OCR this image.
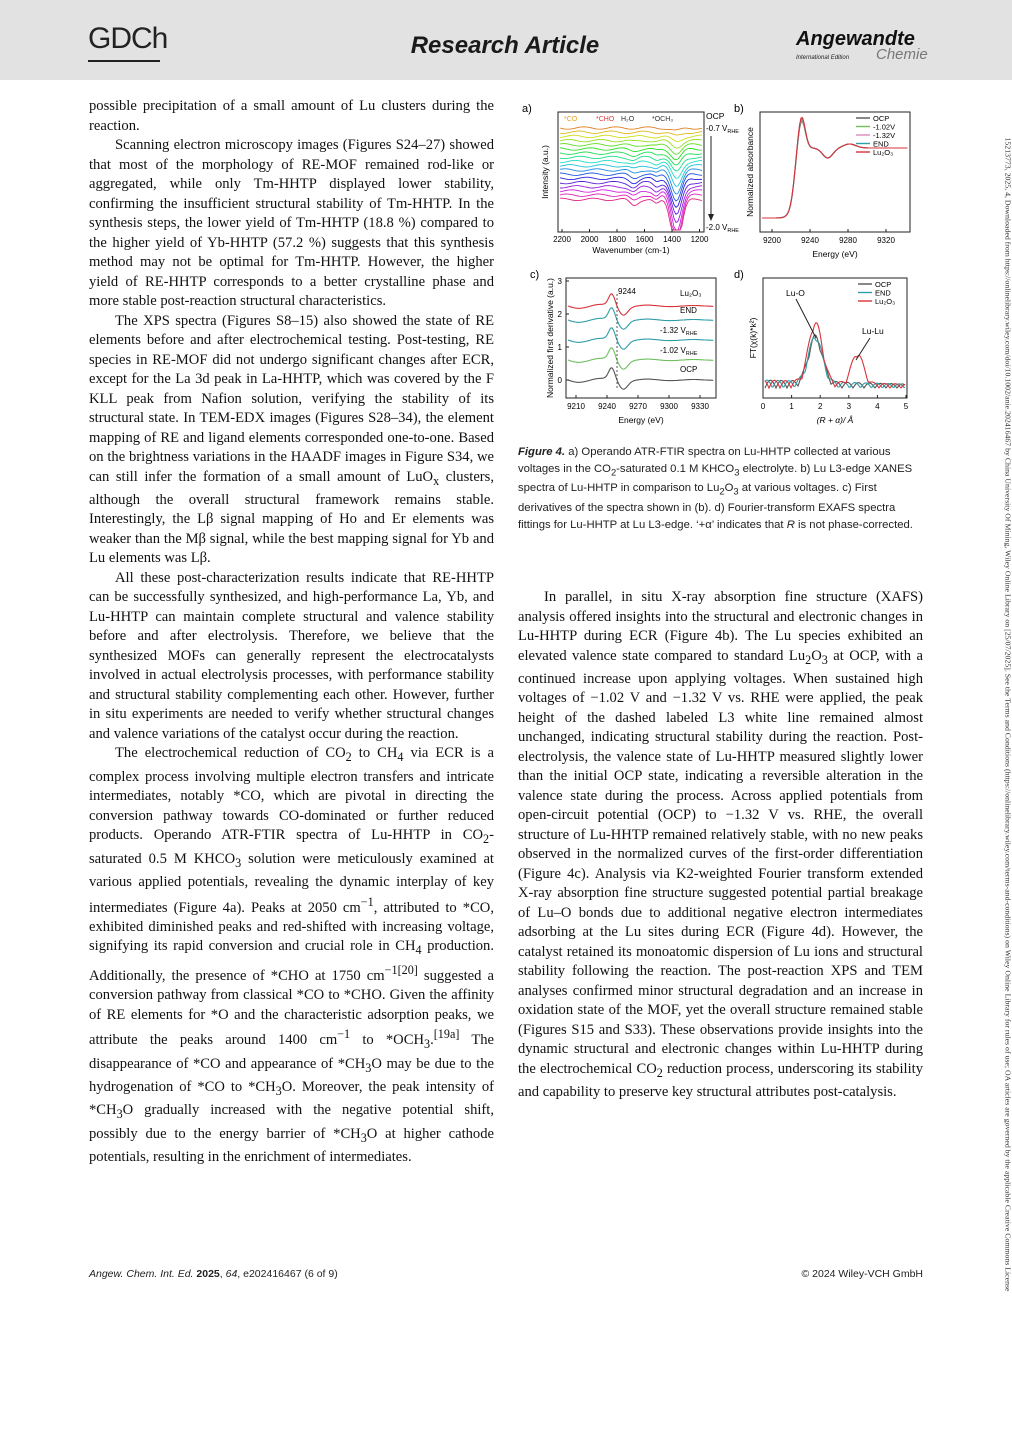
GDCh	Research Article	Angewandte
International Edition Chemie
15213773, 2025, 4, Downloaded from https://onlinelibrary.wiley.com/doi/10.1002/anie.202416467 by China University Of Mining, Wiley Online Library on [25/07/2025]. See the Terms and Conditions (https://onlinelibrary.wiley.com/terms-and-conditions) on Wiley Online Library for rules of use; OA articles are governed by the applicable Creative Commons License

possible precipitation of a small amount of Lu clusters during the reaction.

Scanning electron microscopy images (Figures S24–27) showed that most of the morphology of RE-MOF remained rod-like or aggregated, while only Tm-HHTP displayed lower stability, confirming the insufficient structural stability of Tm-HHTP. In the synthesis steps, the lower yield of Tm-HHTP (18.8 %) compared to the higher yield of Yb-HHTP (57.2 %) suggests that this synthesis method may not be optimal for Tm-HHTP. However, the higher yield of RE-HHTP corresponds to a better crystalline phase and more stable post-reaction structural characteristics.

The XPS spectra (Figures S8–15) also showed the state of RE elements before and after electrochemical testing. Post-testing, RE species in RE-MOF did not undergo significant changes after ECR, except for the La 3d peak in La-HHTP, which was covered by the F KLL peak from Nafion solution, verifying the stability of its structural state. In TEM-EDX images (Figures S28–34), the element mapping of RE and ligand elements corresponded one-to-one. Based on the brightness variations in the HAADF images in Figure S34, we can still infer the formation of a small amount of LuO$_x$ clusters, although the overall structural framework remains stable. Interestingly, the Lβ signal mapping of Ho and Er elements was weaker than the Mβ signal, while the best mapping signal for Yb and Lu elements was Lβ.

All these post-characterization results indicate that RE-HHTP can be successfully synthesized, and high-performance La, Yb, and Lu-HHTP can maintain complete structural and valence stability before and after electrolysis. Therefore, we believe that the synthesized MOFs can generally represent the electrocatalysts involved in actual electrolysis processes, with performance stability and structural stability complementing each other. However, further in situ experiments are needed to verify whether structural changes and valence variations of the catalyst occur during the reaction.

The electrochemical reduction of $CO_2$ to $CH_4$ via ECR is a complex process involving multiple electron transfers and intricate intermediates, notably *CO, which are pivotal in directing the conversion pathway towards CO-dominated or further reduced products. Operando ATR-FTIR spectra of Lu-HHTP in $CO_2$-saturated 0.5 M $KHCO_3$ solution were meticulously examined at various applied potentials, revealing the dynamic interplay of key intermediates (Figure 4a). Peaks at 2050 $cm^{-1}$, attributed to *CO, exhibited diminished peaks and red-shifted with increasing voltage, signifying its rapid conversion and crucial role in $CH_4$ production. Additionally, the presence of *CHO at 1750 $cm^{-1[20]}$ suggested a conversion pathway from classical *CO to *CHO. Given the affinity of RE elements for *O and the characteristic adsorption peaks, we attribute the peaks around 1400 $cm^{-1}$ to $*OCH_3.[19a]$ The disappearance of *CO and appearance of $*CH_3O$ may be due to the hydrogenation of *CO to $*CH_3O$. Moreover, the peak intensity of $*CH_3O$ gradually increased with the negative potential shift, possibly due to the energy barrier of $*CH_3O$ at higher cathode potentials, resulting in the enrichment of intermediates.

a)
*CO	*CHO H₂O	*OCH₃	OCP
-0.7 $V_{RHE}$
-2.0 $V_{RHE}$
2200 2000 1800 1600 1400 1200
Wavenumber (cm-1)
Intensity (a.u.)
b)
OCP
-1.02V
-1.32V
END
Lu₂O₃
9200	9240	9280	9320
Energy (eV)
Normalized absorbance
c)
9244	Lu₂O₃
END
-1.32 $V_{RHE}$
-1.02 $V_{RHE}$
OCP
0
1
2
3
9210 9240 9270 9300 9330
Energy (eV)
Normalized first derivative (a.u.)
d)
OCP
END
Lu₂O₃
Lu-O
Lu-Lu
0	1	2	3	4	5
(R + α)/ Å
FT(χ(k)*k²)
Figure 4. a) Operando ATR-FTIR spectra on Lu-HHTP collected at various voltages in the $CO_2$-saturated 0.1 M $KHCO_3$ electrolyte. b) Lu L3-edge XANES spectra of Lu-HHTP in comparison to $Lu_2O_3$ at various voltages. c) First derivatives of the spectra shown in (b). d) Fourier-transform EXAFS spectra fittings for Lu-HHTP at Lu L3-edge. ‘+α’ indicates that R is not phase-corrected.

In parallel, in situ X-ray absorption fine structure (XAFS) analysis offered insights into the structural and electronic changes in Lu-HHTP during ECR (Figure 4b). The Lu species exhibited an elevated valence state compared to standard $Lu_2O_3$ at OCP, with a continued increase upon applying voltages. When sustained high voltages of −1.02 V and −1.32 V vs. RHE were applied, the peak height of the dashed labeled L3 white line remained almost unchanged, indicating structural stability during the reaction. Post-electrolysis, the valence state of Lu-HHTP measured slightly lower than the initial OCP state, indicating a reversible alteration in the valence state during the process. Across applied potentials from open-circuit potential (OCP) to −1.32 V vs. RHE, the overall structure of Lu-HHTP remained relatively stable, with no new peaks observed in the normalized curves of the first-order differentiation (Figure 4c). Analysis via K2-weighted Fourier transform extended X-ray absorption fine structure suggested potential partial breakage of Lu–O bonds due to additional negative electron intermediates adsorbing at the Lu sites during ECR (Figure 4d). However, the catalyst retained its monoatomic dispersion of Lu ions and structural stability following the reaction. The post-reaction XPS and TEM analyses confirmed minor structural degradation and an increase in oxidation state of the MOF, yet the overall structure remained stable (Figures S15 and S33). These observations provide insights into the dynamic structural and electronic changes within Lu-HHTP during the electrochemical $CO_2$ reduction process, underscoring its stability and capability to preserve key structural attributes post-catalysis.

Angew. Chem. Int. Ed. 2025, 64, e202416467 (6 of 9)	© 2024 Wiley-VCH GmbH
